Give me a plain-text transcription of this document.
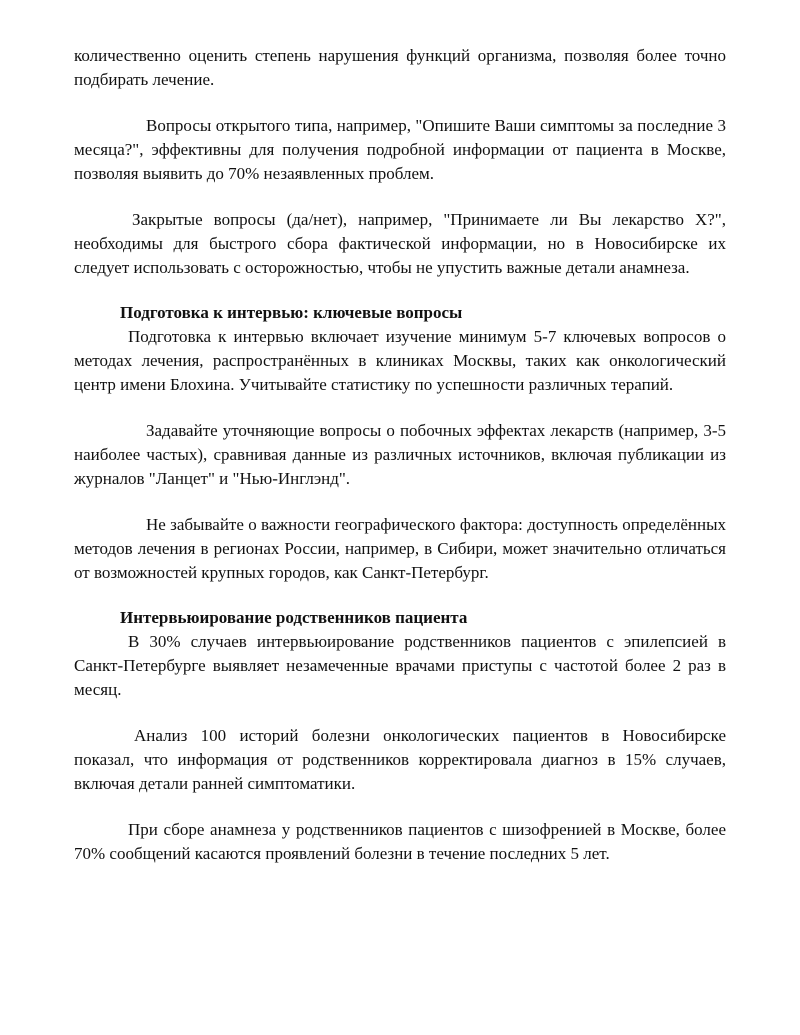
количественно оценить степень нарушения функций организма, позволяя более точно подбирать лечение.

Вопросы открытого типа, например, "Опишите Ваши симптомы за последние 3 месяца?", эффективны для получения подробной информации от пациента в Москве, позволяя выявить до 70% незаявленных проблем.

Закрытые вопросы (да/нет), например, "Принимаете ли Вы лекарство X?", необходимы для быстрого сбора фактической информации, но в Новосибирске их следует использовать с осторожностью, чтобы не упустить важные детали анамнеза.

Подготовка к интервью: ключевые вопросы

Подготовка к интервью включает изучение минимум 5-7 ключевых вопросов о методах лечения, распространённых в клиниках Москвы, таких как онкологический центр имени Блохина. Учитывайте статистику по успешности различных терапий.

Задавайте уточняющие вопросы о побочных эффектах лекарств (например, 3-5 наиболее частых), сравнивая данные из различных источников, включая публикации из журналов "Ланцет" и "Нью-Инглэнд".

Не забывайте о важности географического фактора: доступность определённых методов лечения в регионах России, например, в Сибири, может значительно отличаться от возможностей крупных городов, как Санкт-Петербург.

Интервьюирование родственников пациента

В 30% случаев интервьюирование родственников пациентов с эпилепсией в Санкт-Петербурге выявляет незамеченные врачами приступы с частотой более 2 раз в месяц.

Анализ 100 историй болезни онкологических пациентов в Новосибирске показал, что информация от родственников корректировала диагноз в 15% случаев, включая детали ранней симптоматики.

При сборе анамнеза у родственников пациентов с шизофренией в Москве, более 70% сообщений касаются проявлений болезни в течение последних 5 лет.
